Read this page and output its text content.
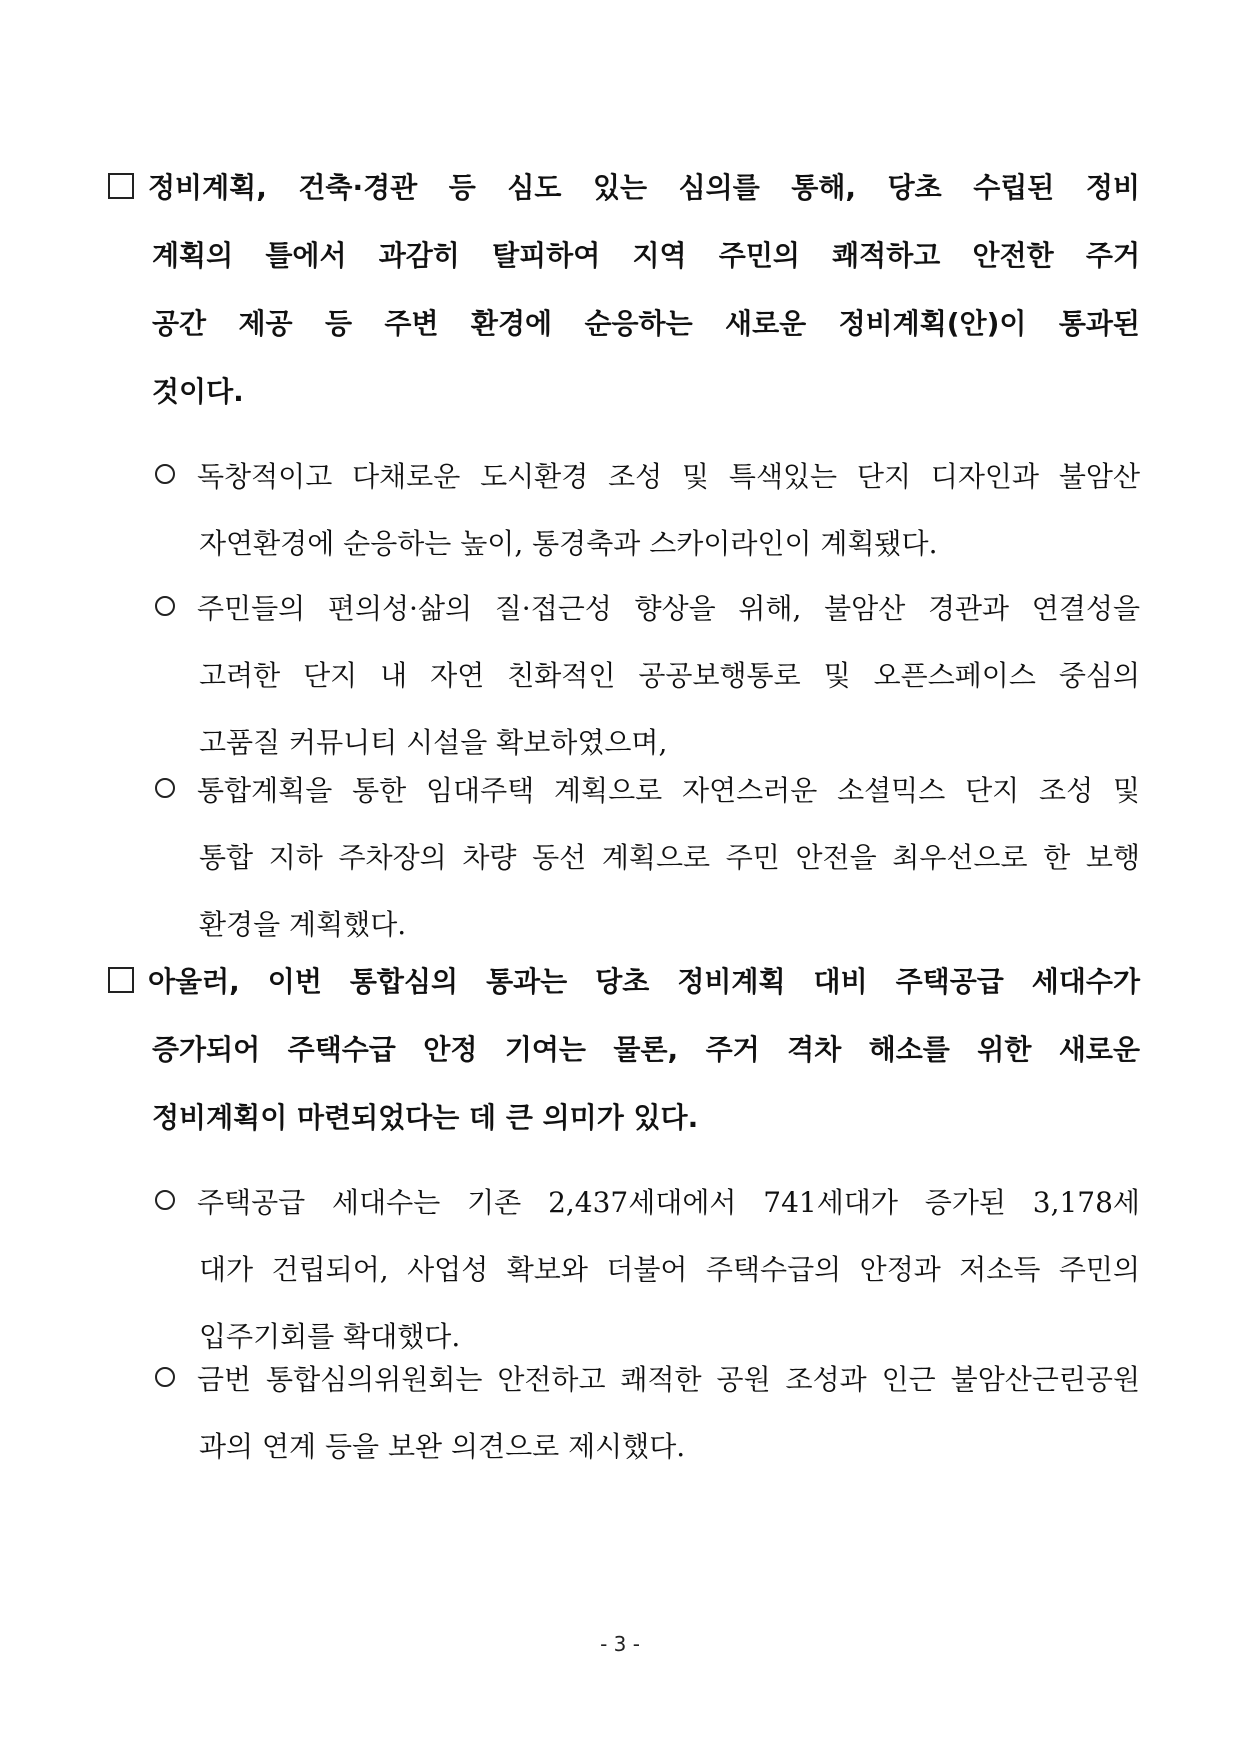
정비계획, 건축·경관 등 심도 있는 심의를 통해, 당초 수립된 정비
계획의 틀에서 과감히 탈피하여 지역 주민의 쾌적하고 안전한 주거
공간 제공 등 주변 환경에 순응하는 새로운 정비계획(안)이 통과된
것이다.
독창적이고 다채로운 도시환경 조성 및 특색있는 단지 디자인과 불암산
자연환경에 순응하는 높이, 통경축과 스카이라인이 계획됐다.
주민들의 편의성·삶의 질·접근성 향상을 위해, 불암산 경관과 연결성을
고려한 단지 내 자연 친화적인 공공보행통로 및 오픈스페이스 중심의
고품질 커뮤니티 시설을 확보하였으며,
통합계획을 통한 임대주택 계획으로 자연스러운 소셜믹스 단지 조성 및
통합 지하 주차장의 차량 동선 계획으로 주민 안전을 최우선으로 한 보행
환경을 계획했다.
아울러, 이번 통합심의 통과는 당초 정비계획 대비 주택공급 세대수가
증가되어 주택수급 안정 기여는 물론, 주거 격차 해소를 위한 새로운
정비계획이 마련되었다는 데 큰 의미가 있다.
주택공급 세대수는 기존 2,437세대에서 741세대가 증가된 3,178세
대가 건립되어, 사업성 확보와 더불어 주택수급의 안정과 저소득 주민의
입주기회를 확대했다.
금번 통합심의위원회는 안전하고 쾌적한 공원 조성과 인근 불암산근린공원
과의 연계 등을 보완 의견으로 제시했다.
- 3 -
